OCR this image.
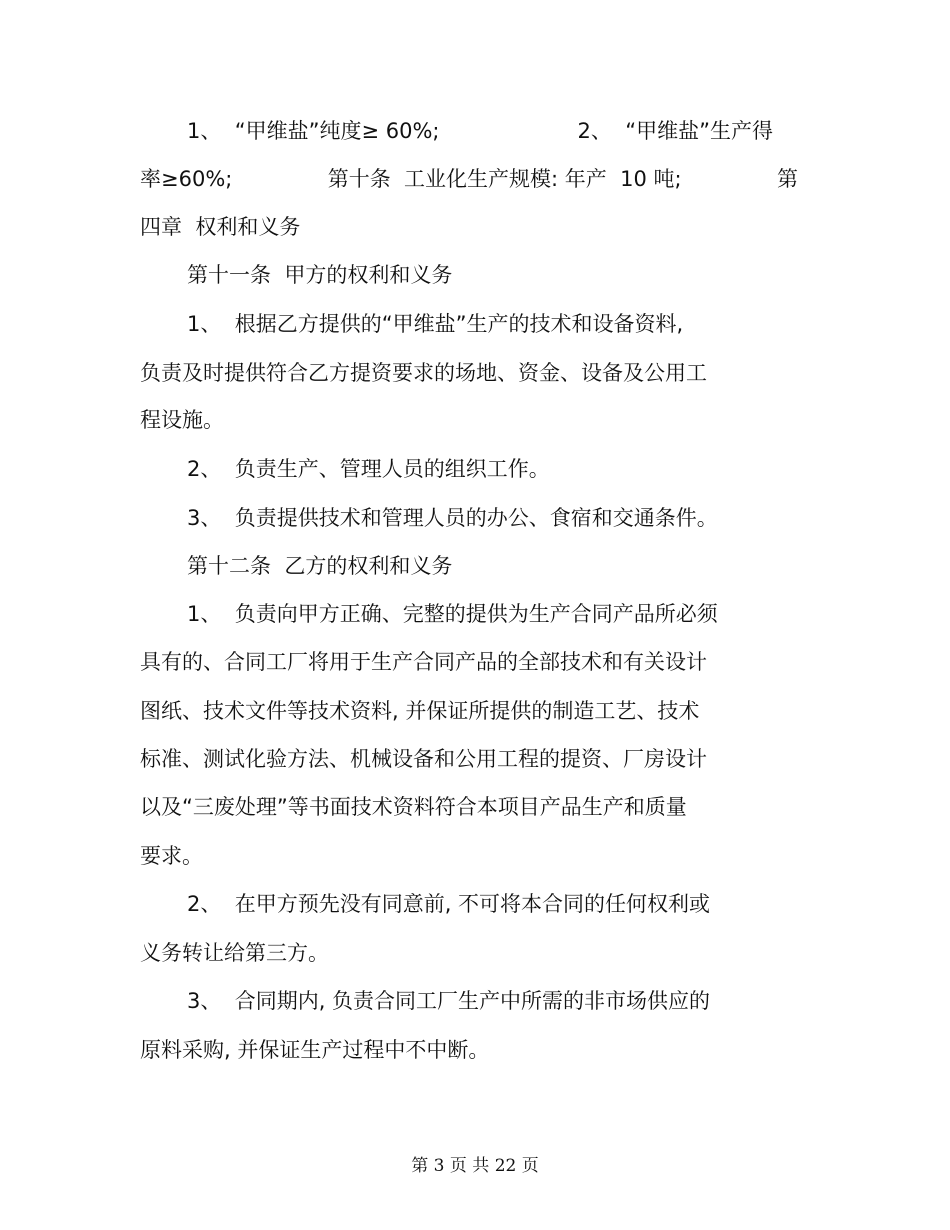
1、  “甲维盐”纯度≥ 60%;	2、  “甲维盐”生产得
率≥60%;	第十条  工业化生产规模: 年产  10 吨;	第
四章  权利和义务
第十一条  甲方的权利和义务
1、  根据乙方提供的“甲维盐”生产的技术和设备资料,
负责及时提供符合乙方提资要求的场地、资金、设备及公用工
程设施。
2、  负责生产、管理人员的组织工作。
3、  负责提供技术和管理人员的办公、食宿和交通条件。
第十二条  乙方的权利和义务
1、  负责向甲方正确、完整的提供为生产合同产品所必须
具有的、合同工厂将用于生产合同产品的全部技术和有关设计
图纸、技术文件等技术资料, 并保证所提供的制造工艺、技术
标准、测试化验方法、机械设备和公用工程的提资、厂房设计
以及“三废处理”等书面技术资料符合本项目产品生产和质量
要求。
2、  在甲方预先没有同意前, 不可将本合同的任何权利或
义务转让给第三方。
3、  合同期内, 负责合同工厂生产中所需的非市场供应的
原料采购, 并保证生产过程中不中断。
第 3 页 共 22 页
